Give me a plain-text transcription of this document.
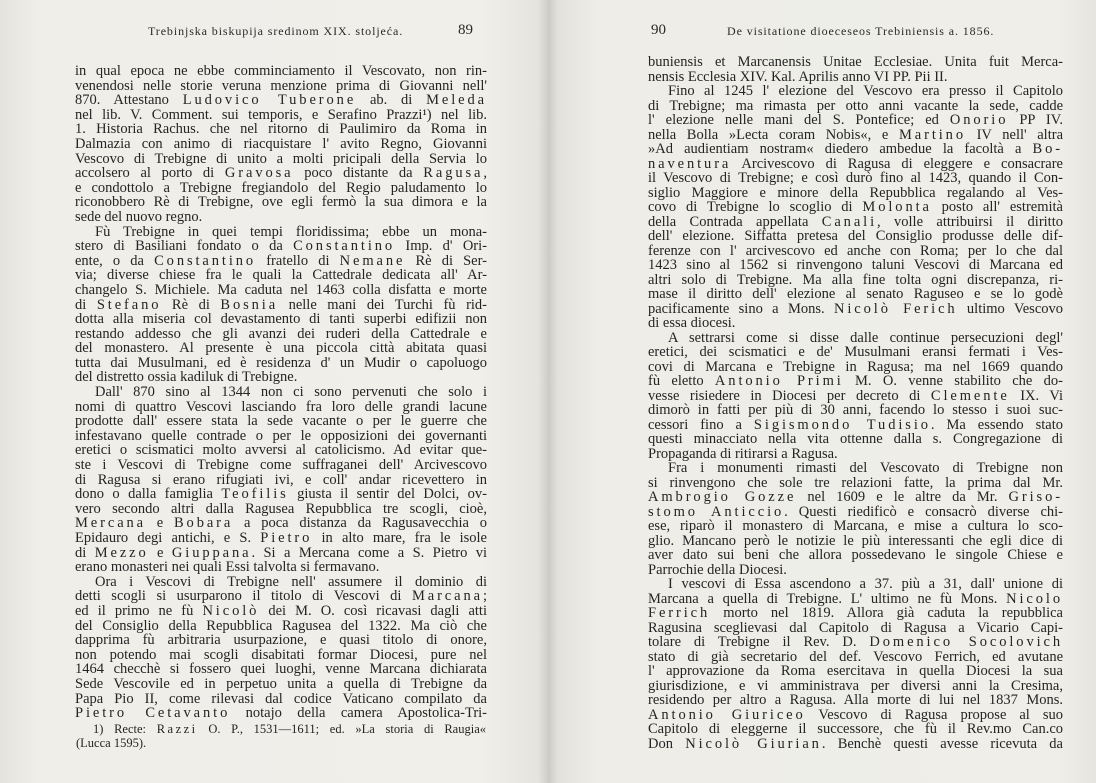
Trebinjska biskupija sredinom XIX. stoljeća.	89
in qual epoca ne ebbe comminciamento il Vescovato, non rin-
venendosi nelle storie veruna menzione prima di Giovanni nell'
870. Attestano Ludovico Tuberone ab. di Meleda
nel lib. V. Comment. sui temporis, e Serafino Prazzi¹) nel lib.
1. Historia Rachus. che nel ritorno di Paulimiro da Roma in
Dalmazia con animo di riacquistare l' avito Regno, Giovanni
Vescovo di Trebigne di unito a molti pricipali della Servia lo
accolsero al porto di Gravosa poco distante da Ragusa,
e condottolo a Trebigne fregiandolo del Regio paludamento lo
riconobbero Rè di Trebigne, ove egli fermò la sua dimora e la
sede del nuovo regno.
Fù Trebigne in quei tempi floridissima; ebbe un mona-
stero di Basiliani fondato o da Constantino Imp. d' Ori-
ente, o da Constantino fratello di Nemane Rè di Ser-
via; diverse chiese fra le quali la Cattedrale dedicata all' Ar-
changelo S. Michiele. Ma caduta nel 1463 colla disfatta e morte
di Stefano Rè di Bosnia nelle mani dei Turchi fù rid-
dotta alla miseria col devastamento di tanti superbi edifizii non
restando addesso che gli avanzi dei ruderi della Cattedrale e
del monastero. Al presente è una piccola città abitata quasi
tutta dai Musulmani, ed è residenza d' un Mudir o capoluogo
del distretto ossia kadiluk di Trebigne.
Dall' 870 sino al 1344 non ci sono pervenuti che solo i
nomi di quattro Vescovi lasciando fra loro delle grandi lacune
prodotte dall' essere stata la sede vacante o per le guerre che
infestavano quelle contrade o per le opposizioni dei governanti
eretici o scismatici molto avversi al catolicismo. Ad evitar que-
ste i Vescovi di Trebigne come suffraganei dell' Arcivescovo
di Ragusa si erano rifugiati ivi, e coll' andar ricevettero in
dono o dalla famiglia Teofilis giusta il sentir del Dolci, ov-
vero secondo altri dalla Ragusea Repubblica tre scogli, cioè,
Mercana e Bobara a poca distanza da Ragusavecchia o
Epidauro degi antichi, e S. Pietro in alto mare, fra le isole
di Mezzo e Giuppana. Si a Mercana come a S. Pietro vi
erano monasteri nei quali Essi talvolta si fermavano.
Ora i Vescovi di Trebigne nell' assumere il dominio di
detti scogli si usurparono il titolo di Vescovi di Marcana;
ed il primo ne fù Nicolò dei M. O. così ricavasi dagli atti
del Consiglio della Repubblica Ragusea del 1322. Ma ciò che
dapprima fù arbitraria usurpazione, e quasi titolo di onore,
non potendo mai scogli disabitati formar Diocesi, pure nel
1464 checchè si fossero quei luoghi, venne Marcana dichiarata
Sede Vescovile ed in perpetuo unita a quella di Trebigne da
Papa Pio II, come rilevasi dal codice Vaticano compilato da
Pietro Cetavanto notajo della camera Apostolica-Tri-
1) Recte: Razzi O. P., 1531—1611; ed. »La storia di Raugia«
(Lucca 1595).
90	De visitatione dioeceseos Trebiniensis a. 1856.
buniensis et Marcanensis Unitae Ecclesiae. Unita fuit Merca-
nensis Ecclesia XIV. Kal. Aprilis anno VI PP. Pii II.
Fino al 1245 l' elezione del Vescovo era presso il Capitolo
di Trebigne; ma rimasta per otto anni vacante la sede, cadde
l' elezione nelle mani del S. Pontefice; ed Onorio PP IV.
nella Bolla »Lecta coram Nobis«, e Martino IV nell' altra
»Ad audientiam nostram« diedero ambedue la facoltà a Bo-
naventura Arcivescovo di Ragusa di eleggere e consacrare
il Vescovo di Trebigne; e così durò fino al 1423, quando il Con-
siglio Maggiore e minore della Repubblica regalando al Ves-
covo di Trebigne lo scoglio di Molonta posto all' estremità
della Contrada appellata Canali, volle attribuirsi il diritto
dell' elezione. Siffatta pretesa del Consiglio produsse delle dif-
ferenze con l' arcivescovo ed anche con Roma; per lo che dal
1423 sino al 1562 si rinvengono taluni Vescovi di Marcana ed
altri solo di Trebigne. Ma alla fine tolta ogni discrepanza, ri-
mase il diritto dell' elezione al senato Raguseo e se lo godè
pacificamente sino a Mons. Nicolò Ferich ultimo Vescovo
di essa diocesi.
A settrarsi come si disse dalle continue persecuzioni degl'
eretici, dei scismatici e de' Musulmani eransi fermati i Ves-
covi di Marcana e Trebigne in Ragusa; ma nel 1669 quando
fù eletto Antonio Primi M. O. venne stabilito che do-
vesse risiedere in Diocesi per decreto di Clemente IX. Vi
dimorò in fatti per più di 30 anni, facendo lo stesso i suoi suc-
cessori fino a Sigismondo Tudisio. Ma essendo stato
questi minacciato nella vita ottenne dalla s. Congregazione di
Propaganda di ritirarsi a Ragusa.
Fra i monumenti rimasti del Vescovato di Trebigne non
si rinvengono che sole tre relazioni fatte, la prima dal Mr.
Ambrogio Gozze nel 1609 e le altre da Mr. Griso-
stomo Anticcio. Questi riedificò e consacrò diverse chi-
ese, riparò il monastero di Marcana, e mise a cultura lo sco-
glio. Mancano però le notizie le più interessanti che egli dice di
aver dato sui beni che allora possedevano le singole Chiese e
Parrochie della Diocesi.
I vescovi di Essa ascendono a 37. più a 31, dall' unione di
Marcana a quella di Trebigne. L' ultimo ne fù Mons. Nicolo
Ferrich morto nel 1819. Allora già caduta la repubblica
Ragusina sceglievasi dal Capitolo di Ragusa a Vicario Capi-
tolare di Trebigne il Rev. D. Domenico Socolovich
stato di già secretario del def. Vescovo Ferrich, ed avutane
l' approvazione da Roma esercitava in quella Diocesi la sua
giurisdizione, e vi amministrava per diversi anni la Cresima,
residendo per altro a Ragusa. Alla morte di lui nel 1837 Mons.
Antonio Giuriceo Vescovo di Ragusa propose al suo
Capitolo di eleggerne il successore, che fù il Rev.mo Can.co
Don Nicolò Giurian. Benchè questi avesse ricevuta da
